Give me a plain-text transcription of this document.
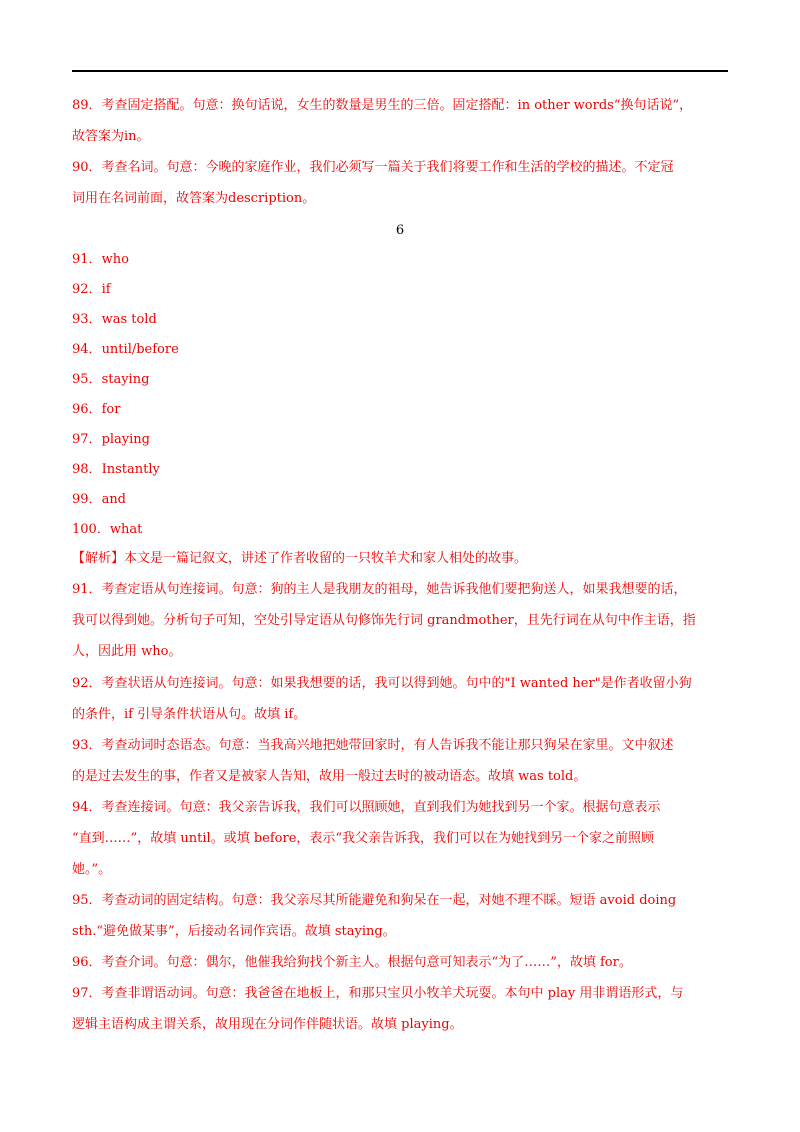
89．考查固定搭配。句意：换句话说，女生的数量是男生的三倍。固定搭配：in other words“换句话说”，
故答案为in。
90．考查名词。句意：今晚的家庭作业，我们必须写一篇关于我们将要工作和生活的学校的描述。不定冠
词用在名词前面，故答案为description。
6
91．who
92．if
93．was told
94．until/before
95．staying
96．for
97．playing
98．Instantly
99．and
100．what
【解析】本文是一篇记叙文，讲述了作者收留的一只牧羊犬和家人相处的故事。
91．考查定语从句连接词。句意：狗的主人是我朋友的祖母，她告诉我他们要把狗送人，如果我想要的话，
我可以得到她。分析句子可知，空处引导定语从句修饰先行词 grandmother，且先行词在从句中作主语，指
人，因此用 who。
92．考查状语从句连接词。句意：如果我想要的话，我可以得到她。句中的"I wanted her"是作者收留小狗
的条件，if 引导条件状语从句。故填 if。
93．考查动词时态语态。句意：当我高兴地把她带回家时，有人告诉我不能让那只狗呆在家里。文中叙述
的是过去发生的事，作者又是被家人告知，故用一般过去时的被动语态。故填 was told。
94．考查连接词。句意：我父亲告诉我，我们可以照顾她，直到我们为她找到另一个家。根据句意表示
“直到……”，故填 until。或填 before，表示“我父亲告诉我，我们可以在为她找到另一个家之前照顾
她。”。
95．考查动词的固定结构。句意：我父亲尽其所能避免和狗呆在一起，对她不理不睬。短语 avoid doing
sth.“避免做某事”，后接动名词作宾语。故填 staying。
96．考查介词。句意：偶尔，他催我给狗找个新主人。根据句意可知表示“为了……”，故填 for。
97．考查非谓语动词。句意：我爸爸在地板上，和那只宝贝小牧羊犬玩耍。本句中 play 用非谓语形式，与
逻辑主语构成主谓关系，故用现在分词作伴随状语。故填 playing。
